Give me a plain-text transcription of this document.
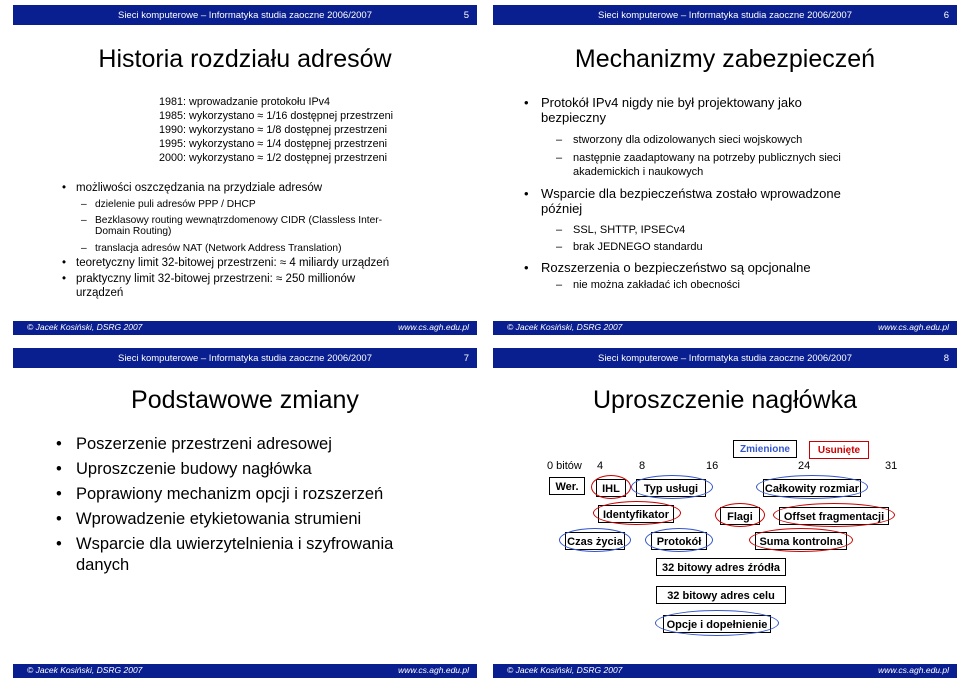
Sieci komputerowe – Informatyka studia zaoczne 2006/2007	5
Historia rozdziału adresów
1981: wprowadzanie protokołu IPv4
1985: wykorzystano ≈ 1/16 dostępnej przestrzeni
1990: wykorzystano ≈ 1/8 dostępnej przestrzeni
1995: wykorzystano ≈ 1/4 dostępnej przestrzeni
2000: wykorzystano ≈ 1/2 dostępnej przestrzeni
• możliwości oszczędzania na przydziale adresów
– dzielenie puli adresów PPP / DHCP
– Bezklasowy routing wewnątrzdomenowy CIDR (Classless Inter-
Domain Routing)
– translacja adresów NAT (Network Address Translation)
• teoretyczny limit 32-bitowej przestrzeni: ≈ 4 miliardy urządzeń
• praktyczny limit 32-bitowej przestrzeni: ≈ 250 millionów
urządzeń
© Jacek Kosiński, DSRG 2007	www.cs.agh.edu.pl
Sieci komputerowe – Informatyka studia zaoczne 2006/2007	6
Mechanizmy zabezpieczeń
• Protokół IPv4 nigdy nie był projektowany jako
bezpieczny
– stworzony dla odizolowanych sieci wojskowych
– następnie zaadaptowany na potrzeby publicznych sieci
akademickich i naukowych
• Wsparcie dla bezpieczeństwa zostało wprowadzone
później
– SSL, SHTTP, IPSECv4
– brak JEDNEGO standardu
• Rozszerzenia o bezpieczeństwo są opcjonalne
– nie można zakładać ich obecności
© Jacek Kosiński, DSRG 2007	www.cs.agh.edu.pl
Sieci komputerowe – Informatyka studia zaoczne 2006/2007	7
Podstawowe zmiany
• Poszerzenie przestrzeni adresowej
• Uproszczenie budowy nagłówka
• Poprawiony mechanizm opcji i rozszerzeń
• Wprowadzenie etykietowania strumieni
• Wsparcie dla uwierzytelnienia i szyfrowania
danych
© Jacek Kosiński, DSRG 2007	www.cs.agh.edu.pl
Sieci komputerowe – Informatyka studia zaoczne 2006/2007	8
Uproszczenie nagłówka
Zmienione	Usunięte
0 bitów 4	8	16	24	31
Wer.	IHL	Typ usługi	Całkowity rozmiar
Identyfikator	Flagi	Offset fragmentacji
Czas życia	Protokół	Suma kontrolna
32 bitowy adres źródła
32 bitowy adres celu
Opcje i dopełnienie
© Jacek Kosiński, DSRG 2007	www.cs.agh.edu.pl
